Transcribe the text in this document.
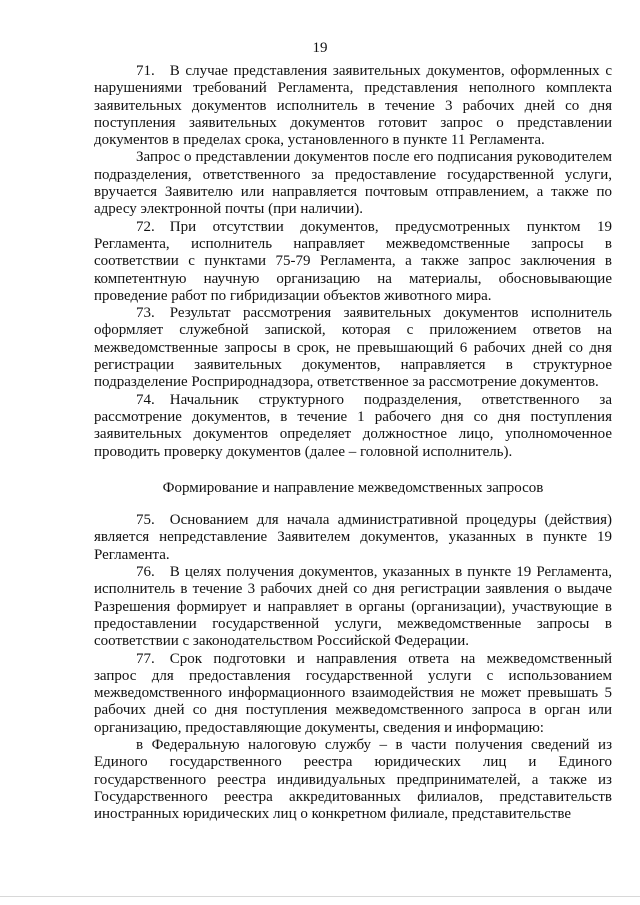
19

71. В случае представления заявительных документов, оформленных с нарушениями требований Регламента, представления неполного комплекта заявительных документов исполнитель в течение 3 рабочих дней со дня поступления заявительных документов готовит запрос о представлении документов в пределах срока, установленного в пункте 11 Регламента.

Запрос о представлении документов после его подписания руководителем подразделения, ответственного за предоставление государственной услуги, вручается Заявителю или направляется почтовым отправлением, а также по адресу электронной почты (при наличии).

72. При отсутствии документов, предусмотренных пунктом 19 Регламента, исполнитель направляет межведомственные запросы в соответствии с пунктами 75-79 Регламента, а также запрос заключения в компетентную научную организацию на материалы, обосновывающие проведение работ по гибридизации объектов животного мира.

73. Результат рассмотрения заявительных документов исполнитель оформляет служебной запиской, которая с приложением ответов на межведомственные запросы в срок, не превышающий 6 рабочих дней со дня регистрации заявительных документов, направляется в структурное подразделение Росприроднадзора, ответственное за рассмотрение документов.

74. Начальник структурного подразделения, ответственного за рассмотрение документов, в течение 1 рабочего дня со дня поступления заявительных документов определяет должностное лицо, уполномоченное проводить проверку документов (далее – головной исполнитель).

Формирование и направление межведомственных запросов

75. Основанием для начала административной процедуры (действия) является непредставление Заявителем документов, указанных в пункте 19 Регламента.

76. В целях получения документов, указанных в пункте 19 Регламента, исполнитель в течение 3 рабочих дней со дня регистрации заявления о выдаче Разрешения формирует и направляет в органы (организации), участвующие в предоставлении государственной услуги, межведомственные запросы в соответствии с законодательством Российской Федерации.

77. Срок подготовки и направления ответа на межведомственный запрос для предоставления государственной услуги с использованием межведомственного информационного взаимодействия не может превышать 5 рабочих дней со дня поступления межведомственного запроса в орган или организацию, предоставляющие документы, сведения и информацию:

в Федеральную налоговую службу – в части получения сведений из Единого государственного реестра юридических лиц и Единого государственного реестра индивидуальных предпринимателей, а также из Государственного реестра аккредитованных филиалов, представительств иностранных юридических лиц о конкретном филиале, представительстве
